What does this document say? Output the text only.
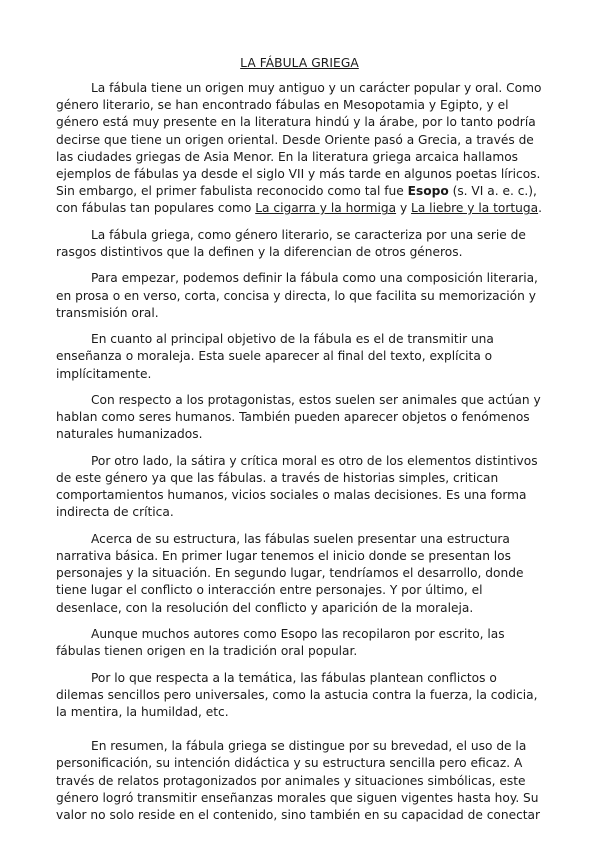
LA FÁBULA GRIEGA

La fábula tiene un origen muy antiguo y un carácter popular y oral. Como género literario, se han encontrado fábulas en Mesopotamia y Egipto, y el género está muy presente en la literatura hindú y la árabe, por lo tanto podría decirse que tiene un origen oriental. Desde Oriente pasó a Grecia, a través de las ciudades griegas de Asia Menor. En la literatura griega arcaica hallamos ejemplos de fábulas ya desde el siglo VII y más tarde en algunos poetas líricos. Sin embargo, el primer fabulista reconocido como tal fue Esopo (s. VI a. e. c.), con fábulas tan populares como La cigarra y la hormiga y La liebre y la tortuga.

La fábula griega, como género literario, se caracteriza por una serie de rasgos distintivos que la definen y la diferencian de otros géneros.

Para empezar, podemos definir la fábula como una composición literaria, en prosa o en verso, corta, concisa y directa, lo que facilita su memorización y transmisión oral.

En cuanto al principal objetivo de la fábula es el de transmitir una enseñanza o moraleja. Esta suele aparecer al final del texto, explícita o implícitamente.

Con respecto a los protagonistas, estos suelen ser animales que actúan y hablan como seres humanos. También pueden aparecer objetos o fenómenos naturales humanizados.

Por otro lado, la sátira y crítica moral es otro de los elementos distintivos de este género ya que las fábulas. a través de historias simples, critican comportamientos humanos, vicios sociales o malas decisiones. Es una forma indirecta de crítica.

Acerca de su estructura, las fábulas suelen presentar una estructura narrativa básica. En primer lugar tenemos el inicio donde se presentan los personajes y la situación. En segundo lugar, tendríamos el desarrollo, donde tiene lugar el conflicto o interacción entre personajes. Y por último, el desenlace, con la resolución del conflicto y aparición de la moraleja.

Aunque muchos autores como Esopo las recopilaron por escrito, las fábulas tienen origen en la tradición oral popular.

Por lo que respecta a la temática, las fábulas plantean conflictos o dilemas sencillos pero universales, como la astucia contra la fuerza, la codicia, la mentira, la humildad, etc.

En resumen, la fábula griega se distingue por su brevedad, el uso de la personificación, su intención didáctica y su estructura sencilla pero eficaz. A través de relatos protagonizados por animales y situaciones simbólicas, este género logró transmitir enseñanzas morales que siguen vigentes hasta hoy. Su valor no solo reside en el contenido, sino también en su capacidad de conectar
